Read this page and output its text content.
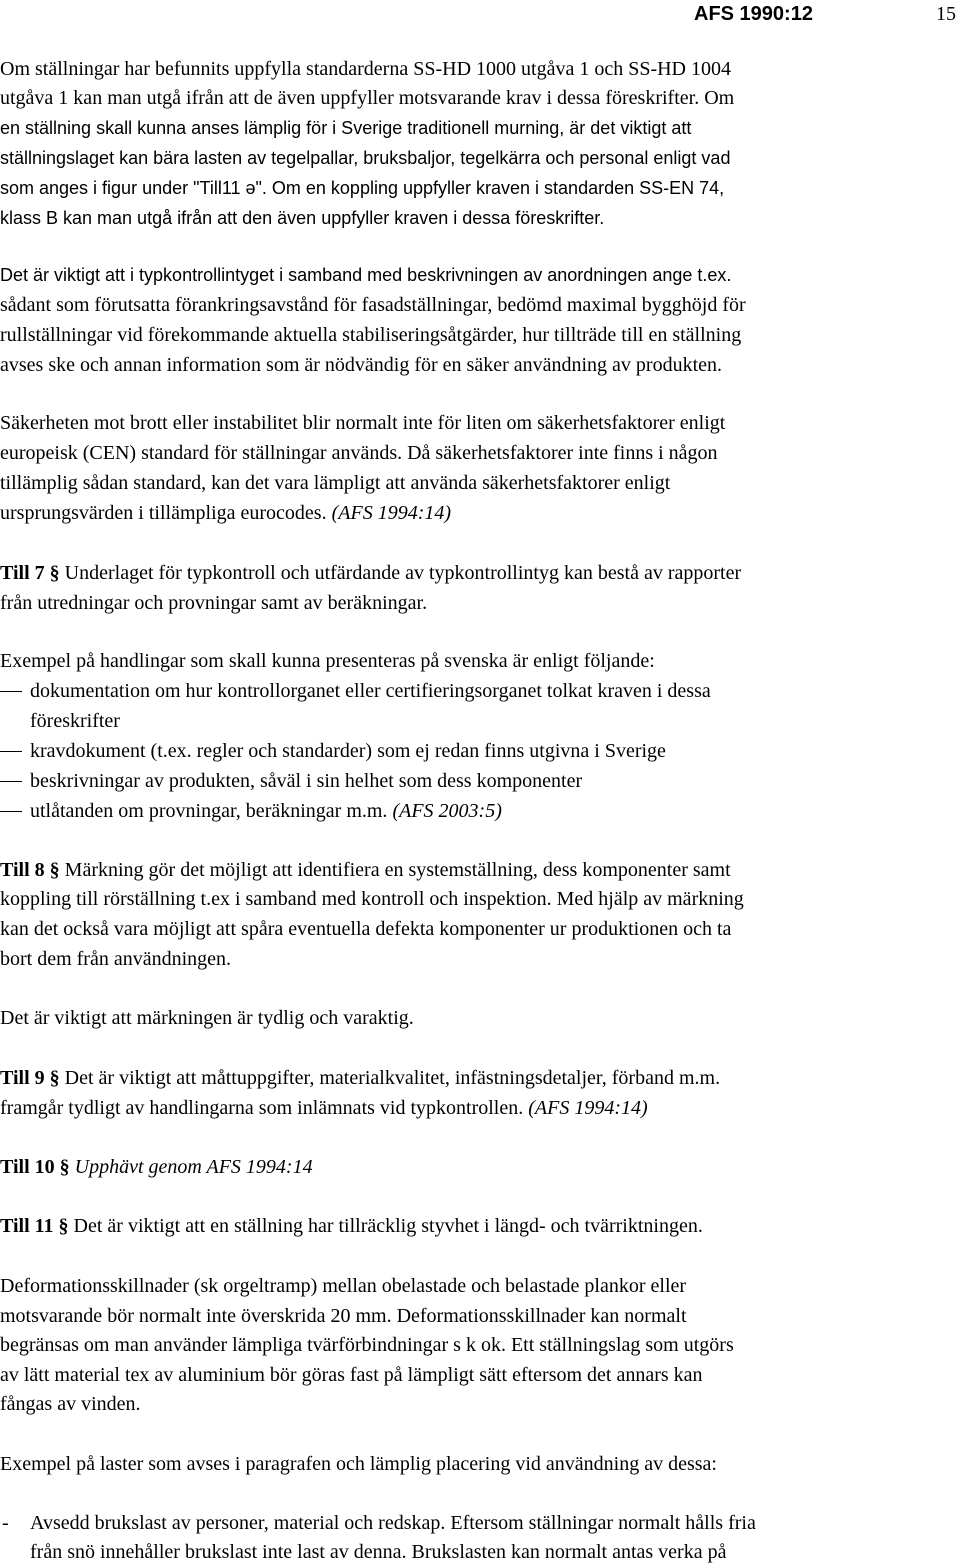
AFS 1990:12	15

Om ställningar har befunnits uppfylla standarderna SS-HD 1000 utgåva 1 och SS-HD 1004

utgåva 1 kan man utgå ifrån att de även uppfyller motsvarande krav i dessa föreskrifter. Om

en ställning skall kunna anses lämplig för i Sverige traditionell murning, är det viktigt att

ställningslaget kan bära lasten av tegelpallar, bruksbaljor, tegelkärra och personal enligt vad

som anges i figur under "Till11 ə". Om en koppling uppfyller kraven i standarden SS-EN 74,

klass B kan man utgå ifrån att den även uppfyller kraven i dessa föreskrifter.

Det är viktigt att i typkontrollintyget i samband med beskrivningen av anordningen ange t.ex.

sådant som förutsatta förankringsavstånd för fasadställningar, bedömd maximal bygghöjd för

rullställningar vid förekommande aktuella stabiliseringsåtgärder, hur tillträde till en ställning

avses ske och annan information som är nödvändig för en säker användning av produkten.

Säkerheten mot brott eller instabilitet blir normalt inte för liten om säkerhetsfaktorer enligt

europeisk (CEN) standard för ställningar används. Då säkerhetsfaktorer inte finns i någon

tillämplig sådan standard, kan det vara lämpligt att använda säkerhetsfaktorer enligt

ursprungsvärden i tillämpliga eurocodes. (AFS 1994:14)

Till 7 § Underlaget för typkontroll och utfärdande av typkontrollintyg kan bestå av rapporter

från utredningar och provningar samt av beräkningar.

Exempel på handlingar som skall kunna presenteras på svenska är enligt följande:

dokumentation om hur kontrollorganet eller certifieringsorganet tolkat kraven i dessa

föreskrifter

kravdokument (t.ex. regler och standarder) som ej redan finns utgivna i Sverige

beskrivningar av produkten, såväl i sin helhet som dess komponenter

utlåtanden om provningar, beräkningar m.m. (AFS 2003:5)

Till 8 § Märkning gör det möjligt att identifiera en systemställning, dess komponenter samt

koppling till rörställning t.ex i samband med kontroll och inspektion. Med hjälp av märkning

kan det också vara möjligt att spåra eventuella defekta komponenter ur produktionen och ta

bort dem från användningen.

Det är viktigt att märkningen är tydlig och varaktig.

Till 9 § Det är viktigt att måttuppgifter, materialkvalitet, infästningsdetaljer, förband m.m.

framgår tydligt av handlingarna som inlämnats vid typkontrollen. (AFS 1994:14)

Till 10 § Upphävt genom AFS 1994:14

Till 11 § Det är viktigt att en ställning har tillräcklig styvhet i längd- och tvärriktningen.

Deformationsskillnader (sk orgeltramp) mellan obelastade och belastade plankor eller

motsvarande bör normalt inte överskrida 20 mm. Deformationsskillnader kan normalt

begränsas om man använder lämpliga tvärförbindningar s k ok. Ett ställningslag som utgörs

av lätt material tex av aluminium bör göras fast på lämpligt sätt eftersom det annars kan

fångas av vinden.

Exempel på laster som avses i paragrafen och lämplig placering vid användning av dessa:

-	Avsedd brukslast av personer, material och redskap. Eftersom ställningar normalt hålls fria

från snö innehåller brukslast inte last av denna. Brukslasten kan normalt antas verka på
